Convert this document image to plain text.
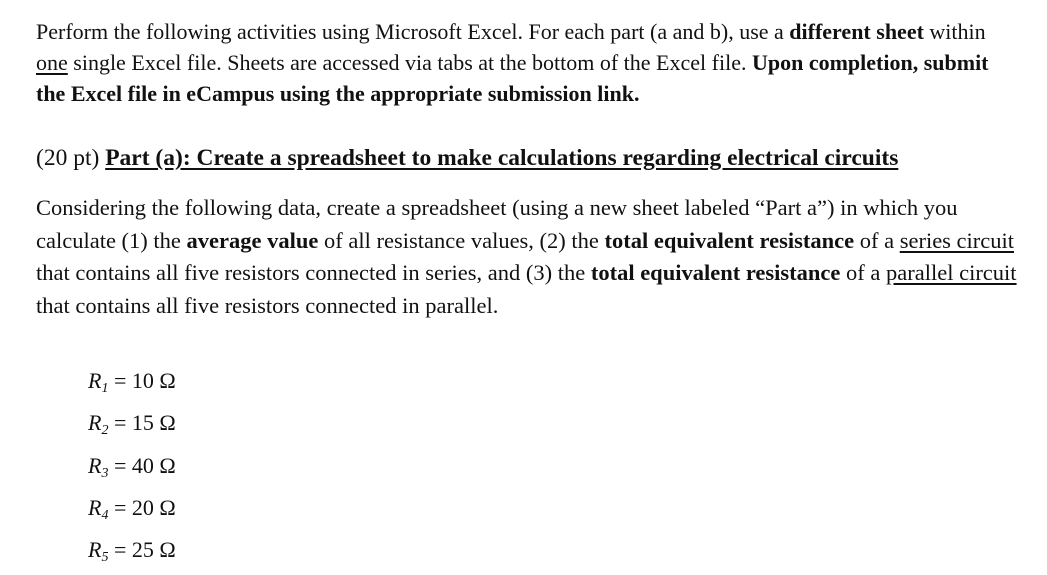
Perform the following activities using Microsoft Excel. For each part (a and b), use a different sheet within one single Excel file. Sheets are accessed via tabs at the bottom of the Excel file. Upon completion, submit the Excel file in eCampus using the appropriate submission link.

(20 pt) Part (a): Create a spreadsheet to make calculations regarding electrical circuits

Considering the following data, create a spreadsheet (using a new sheet labeled “Part a”) in which you calculate (1) the average value of all resistance values, (2) the total equivalent resistance of a series circuit that contains all five resistors connected in series, and (3) the total equivalent resistance of a parallel circuit that contains all five resistors connected in parallel.

R1 = 10 Ω
R2 = 15 Ω
R3 = 40 Ω
R4 = 20 Ω
R5 = 25 Ω
